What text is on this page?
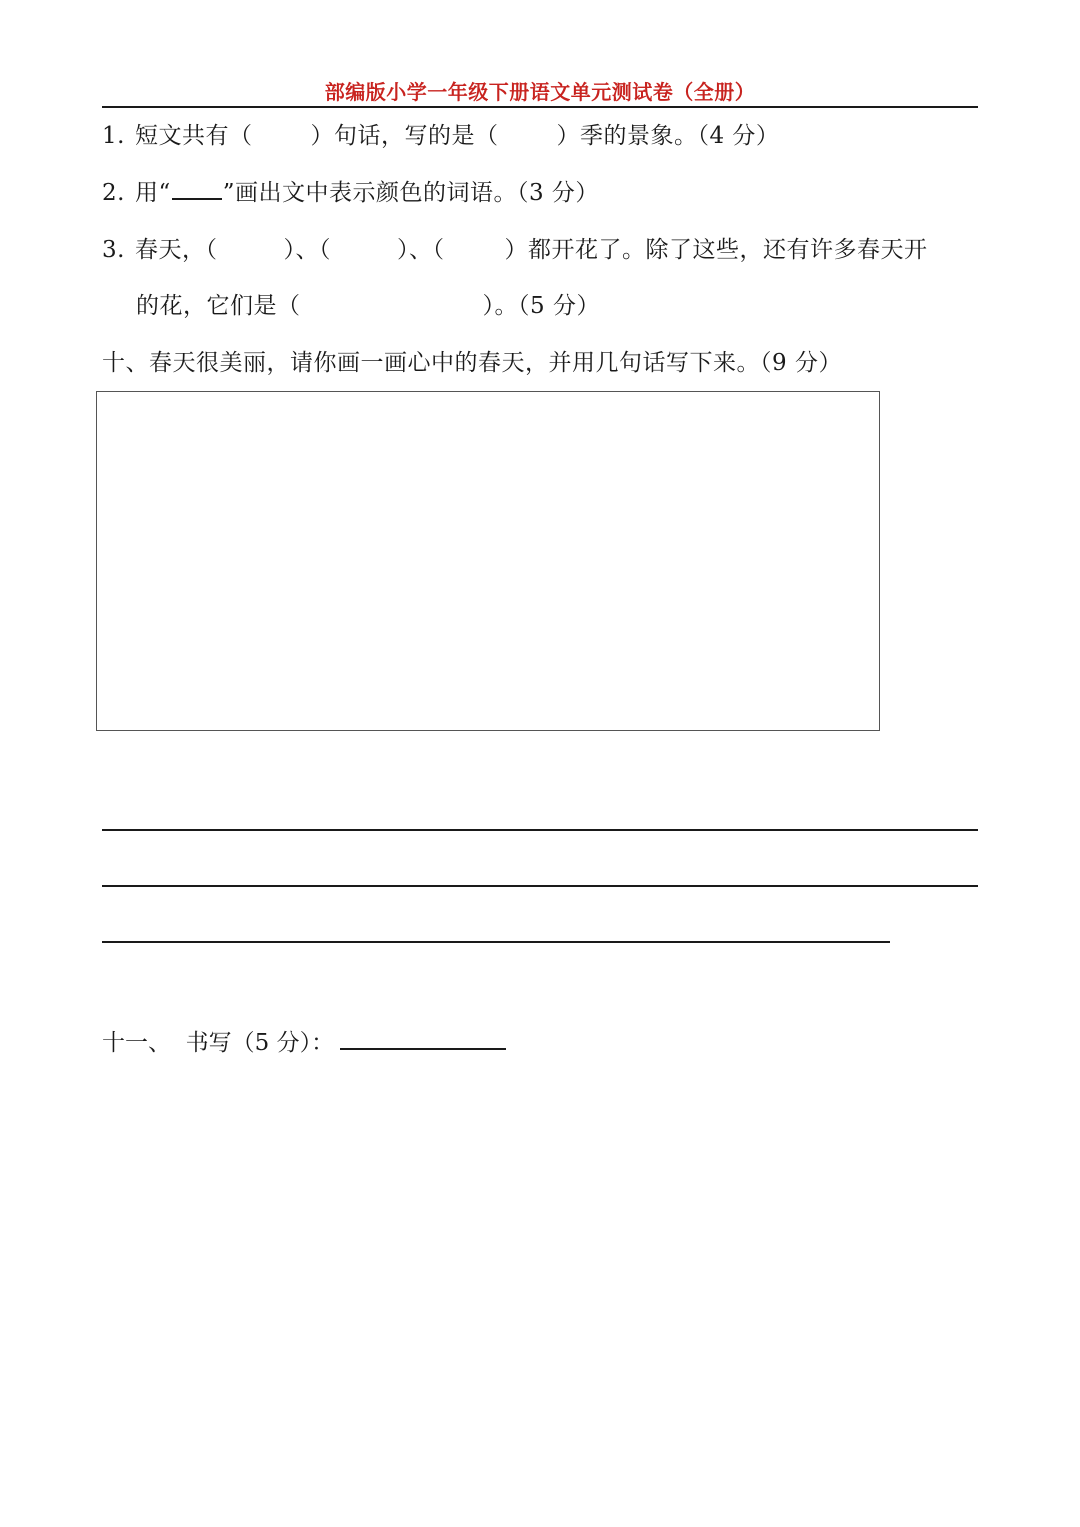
部编版小学一年级下册语文单元测试卷（全册）
1. 短文共有（	）句话，写的是（	）季的景象。（4 分）
2. 用“ ”画出文中表示颜色的词语。（3 分）
3. 春天，（	）、（	）、（	）都开花了。除了这些，还有许多春天开
的花，它们是（	）。（5 分）
十、春天很美丽，请你画一画心中的春天，并用几句话写下来。（9 分）
十一、  书写（5 分）：
